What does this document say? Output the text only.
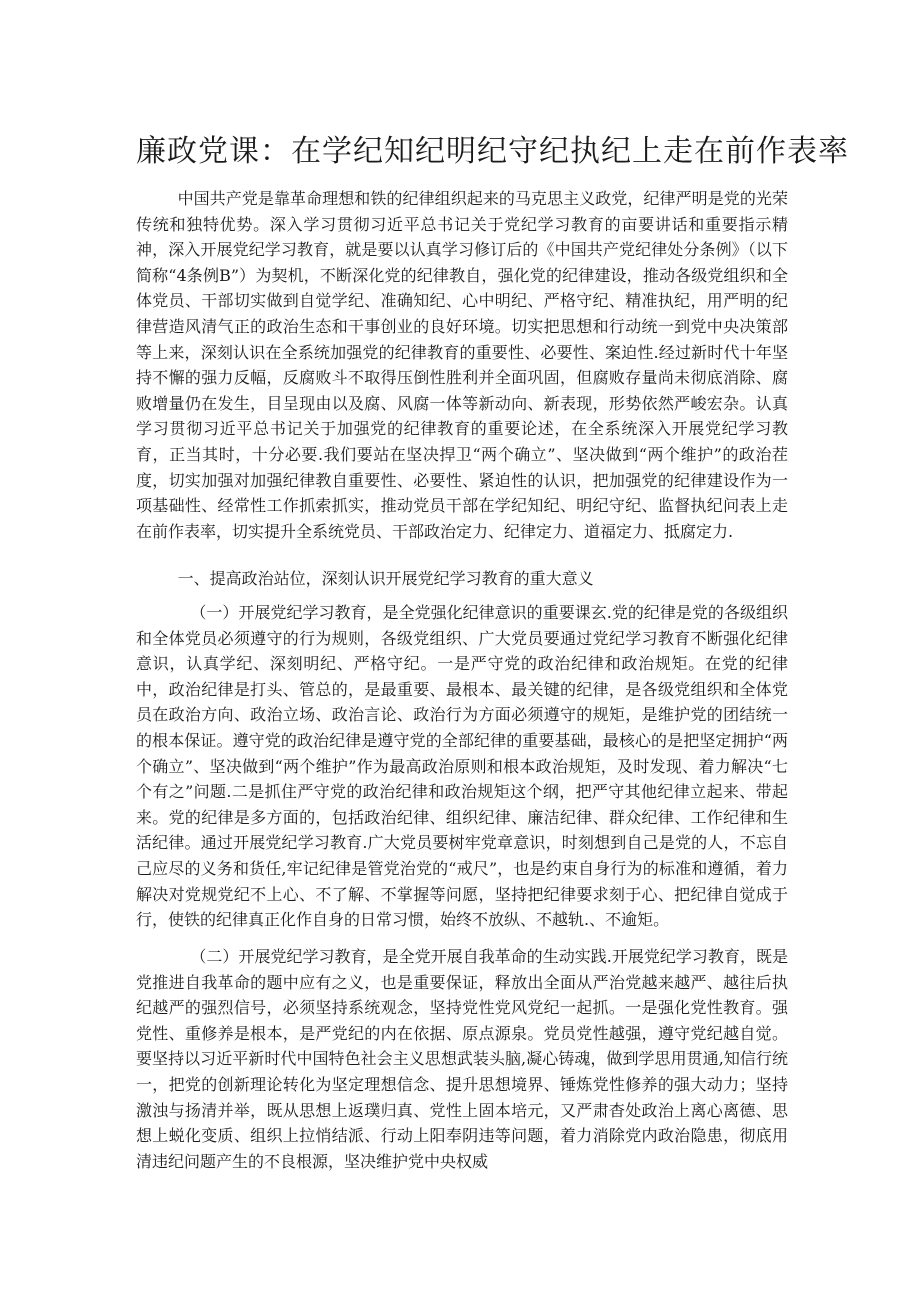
廉政党课：在学纪知纪明纪守纪执纪上走在前作表率

中国共产党是靠革命理想和铁的纪律组织起来的马克思主义政党，纪律严明是党的光荣传统和独特优势。深入学习贯彻习近平总书记关于党纪学习教育的亩要讲话和重要指示精神，深入开展党纪学习教育，就是要以认真学习修订后的《中国共产党纪律处分条例》（以下简称“4条例B”）为契机，不断深化党的纪律教自，强化党的纪律建设，推动各级党组织和全体党员、干部切实做到自觉学纪、准确知纪、心中明纪、严格守纪、精准执纪，用严明的纪律营造风清气正的政治生态和干事创业的良好环境。切实把思想和行动统一到党中央决策部等上来，深刻认识在全系统加强党的纪律教育的重要性、必要性、案迫性.经过新时代十年坚持不懈的强力反幅，反腐败斗不取得压倒性胜利并全面巩固，但腐败存量尚未彻底消除、腐败增量仍在发生，目呈现由以及腐、风腐一体等新动向、新表现，形势依然严峻宏杂。认真学习贯彻习近平总书记关于加强党的纪律教育的重要论述，在全系统深入开展党纪学习教育，正当其时，十分必要.我们要站在坚决捍卫“两个确立”、坚决做到“两个维护”的政治茬度，切实加强对加强纪律教自重要性、必要性、紧迫性的认识，把加强党的纪律建设作为一项基础性、经常性工作抓索抓实，推动党员干部在学纪知纪、明纪守纪、监督执纪问表上走在前作表率，切实提升全系统党员、干部政治定力、纪律定力、道福定力、抵腐定力.

一、提高政治站位，深刻认识开展党纪学习教育的重大意义

（一）开展党纪学习教育，是全党强化纪律意识的重要课玄.党的纪律是党的各级组织和全体党员必须遵守的行为规则，各级党组织、广大党员要通过党纪学习教育不断强化纪律意识，认真学纪、深刻明纪、严格守纪。一是严守党的政治纪律和政治规矩。在党的纪律中，政治纪律是打头、管总的，是最重要、最根本、最关键的纪律，是各级党组织和全体党员在政治方向、政治立场、政治言论、政治行为方面必须遵守的规矩，是维护党的团结统一的根本保证。遵守党的政治纪律是遵守党的全部纪律的重要基础，最核心的是把坚定拥护“两个确立”、坚决做到“两个维护”作为最高政治原则和根本政治规矩，及时发现、着力解决“七个有之”问题.二是抓住严守党的政治纪律和政治规矩这个纲，把严守其他纪律立起来、带起来。党的纪律是多方面的，包括政治纪律、组织纪律、廉洁纪律、群众纪律、工作纪律和生活纪律。通过开展党纪学习教育.广大党员要树牢党章意识，时刻想到自己是党的人，不忘自己应尽的义务和货任,牢记纪律是管党治党的“戒尺”，也是约束自身行为的标准和遵循，着力解决对党规党纪不上心、不了解、不掌握等问愿，坚持把纪律要求刻于心、把纪律自觉成于行，使铁的纪律真正化作自身的日常习惯，始终不放纵、不越轨.、不逾矩。

（二）开展党纪学习教育，是全党开展自我革命的生动实践.开展党纪学习教育，既是党推进自我革命的题中应有之义，也是重要保证，释放出全面从严治党越来越严、越往后执纪越严的强烈信号，必须坚持系统观念，坚持党性党风党纪一起抓。一是强化党性教育。强党性、重修养是根本，是严党纪的内在依据、原点源泉。党员党性越强，遵守党纪越自觉。要坚持以习近平新时代中国特色社会主义思想武装头脑,凝心铸魂，做到学思用贯通,知信行统一，把党的创新理论转化为坚定理想信念、提升思想境界、锤炼党性修养的强大动力；坚持激浊与扬清并举，既从思想上返璞归真、党性上固本培元，又严肃杳处政治上离心离德、思想上蜕化变质、组织上拉悄结派、行动上阳奉阴违等问题，着力消除党内政治隐患，彻底用清违纪问题产生的不良根源，坚决维护党中央权威
